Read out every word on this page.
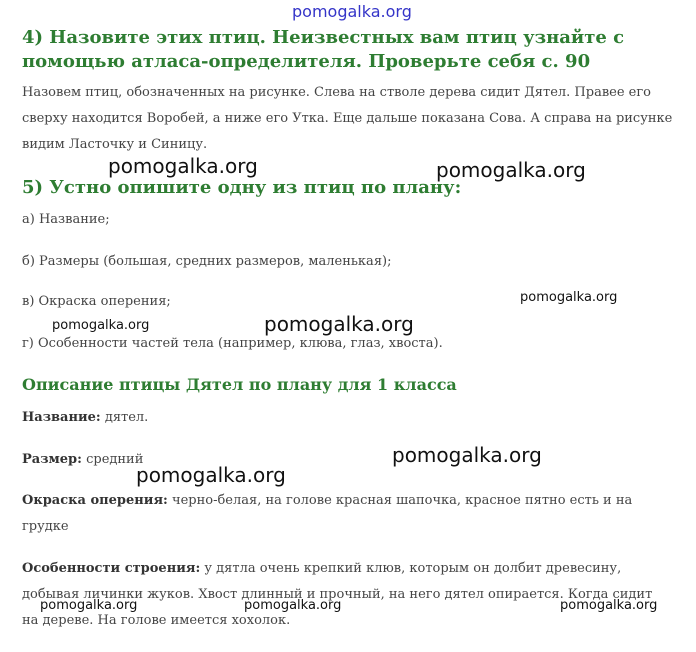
pomogalka.org
4) Назовите этих птиц. Неизвестных вам птиц узнайте с помощью атласа-определителя. Проверьте себя с. 90
Назовем птиц, обозначенных на рисунке. Слева на стволе дерева сидит Дятел. Правее его сверху находится Воробей, а ниже его Утка. Еще дальше показана Сова. А справа на рисунке видим Ласточку и Синицу.
5) Устно опишите одну из птиц по плану:
а) Название;
б) Размеры (большая, средних размеров, маленькая);
в) Окраска оперения;
г) Особенности частей тела (например, клюва, глаз, хвоста).
Описание птицы Дятел по плану для 1 класса
Название: дятел.
Размер: средний
Окраска оперения: черно-белая, на голове красная шапочка, красное пятно есть и на грудке
Особенности строения: у дятла очень крепкий клюв, которым он долбит древесину, добывая личинки жуков. Хвост длинный и прочный, на него дятел опирается. Когда сидит на дереве. На голове имеется хохолок.
pomogalka.org	pomogalka.org
pomogalka.org
pomogalka.org	pomogalka.org
pomogalka.org
pomogalka.org
pomogalka.org	pomogalka.org	pomogalka.org
